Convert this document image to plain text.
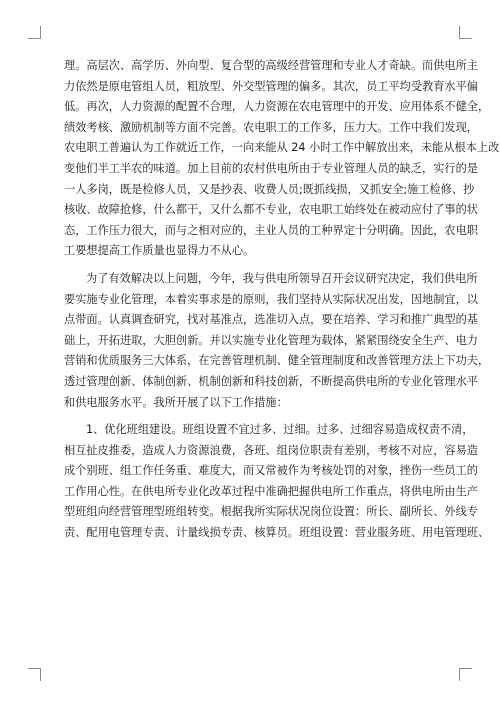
理。高层次、高学历、外向型、复合型的高级经营管理和专业人才奇缺。而供电所主
力依然是原电管组人员，粗放型、外交型管理的偏多。其次，员工平均受教育水平偏
低。再次，人力资源的配置不合理，人力资源在农电管理中的开发、应用体系不健全，
绩效考核、激励机制等方面不完善。农电职工的工作多，压力大。工作中我们发现，
农电职工普遍认为工作就近工作，一向来能从 24 小时工作中解放出来，未能从根本上改
变他们半工半农的味道。加上目前的农村供电所由于专业管理人员的缺乏，实行的是
一人多岗，既是检修人员，又是抄表、收费人员;既抓线损，又抓安全;施工检修、抄
核收、故障抢修，什么都干，又什么都不专业，农电职工始终处在被动应付了事的状
态，工作压力很大，而与之相对应的，主业人员的工种界定十分明确。因此，农电职
工要想提高工作质量也显得力不从心。
为了有效解决以上问题，今年，我与供电所领导召开会议研究决定，我们供电所
要实施专业化管理，本着实事求是的原则，我们坚持从实际状况出发，因地制宜，以
点带面。认真调查研究，找对基准点，选准切入点，要在培养、学习和推广典型的基
础上，开拓进取，大胆创新。并以实施专业化管理为载体，紧紧围绕安全生产、电力
营销和优质服务三大体系，在完善管理机制、健全管理制度和改善管理方法上下功夫，
透过管理创新、体制创新、机制创新和科技创新，不断提高供电所的专业化管理水平
和供电服务水平。我所开展了以下工作措施：
1、优化班组建设。班组设置不宜过多、过细。过多、过细容易造成权责不清，
相互扯皮推委，造成人力资源浪费，各班、组岗位职责有差别，考核不对应，容易造
成个别班、组工作任务重、难度大，而又常被作为考核处罚的对象，挫伤一些员工的
工作用心性。在供电所专业化改革过程中准确把握供电所工作重点，将供电所由生产
型班组向经营管理型班组转变。根据我所实际状况岗位设置：所长、副所长、外线专
责、配用电管理专责、计量线损专责、核算员。班组设置：营业服务班、用电管理班、
